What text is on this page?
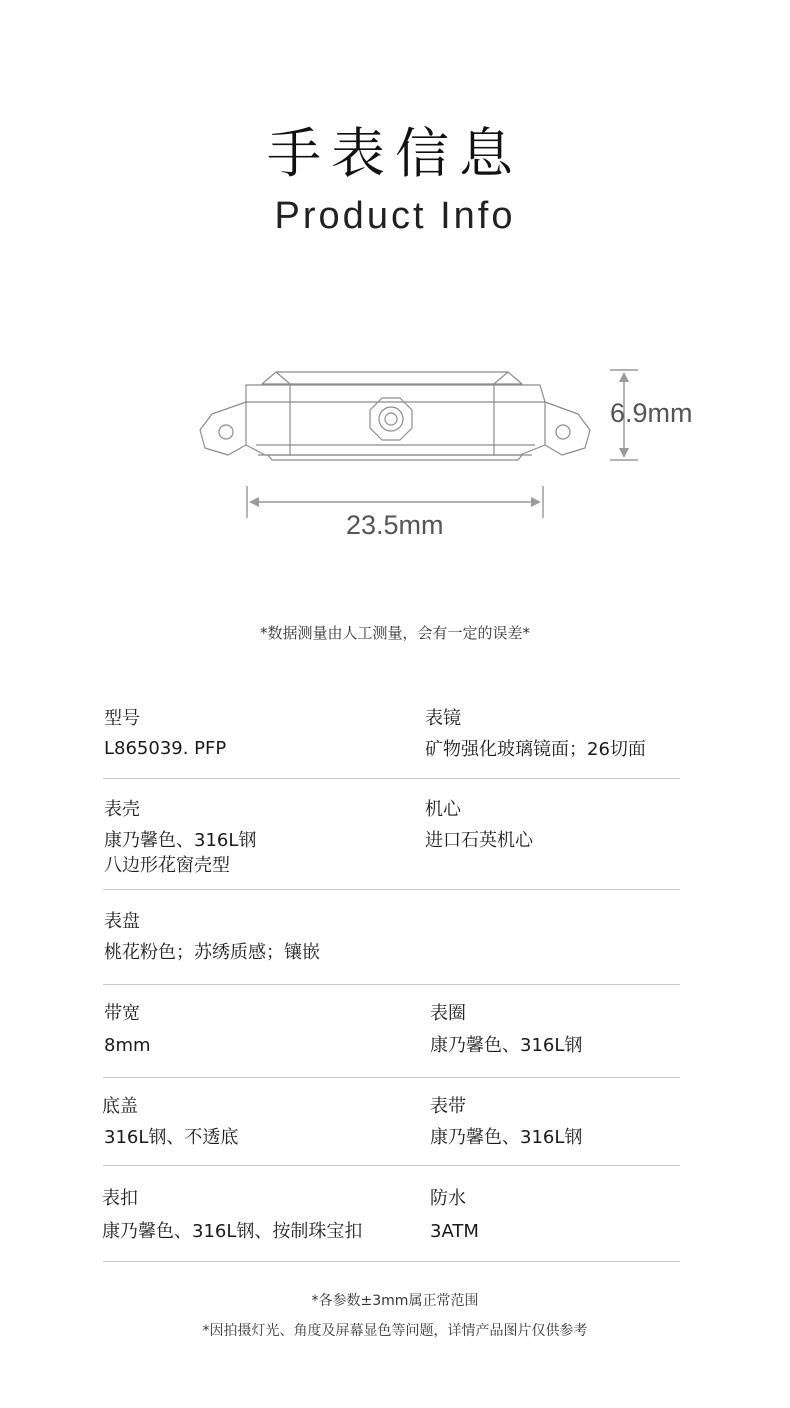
手表信息
Product Info
6.9mm
23.5mm
*数据测量由人工测量，会有一定的误差*
型号
L865039. PFP
表镜
矿物强化玻璃镜面；26切面
表壳
康乃馨色、316L钢
八边形花窗壳型
机心
进口石英机心
表盘
桃花粉色；苏绣质感；镶嵌
带宽
8mm
表圈
康乃馨色、316L钢
底盖
316L钢、不透底
表带
康乃馨色、316L钢
表扣
康乃馨色、316L钢、按制珠宝扣
防水
3ATM
*各参数±3mm属正常范围
*因拍摄灯光、角度及屏幕显色等问题，详情产品图片仅供参考
